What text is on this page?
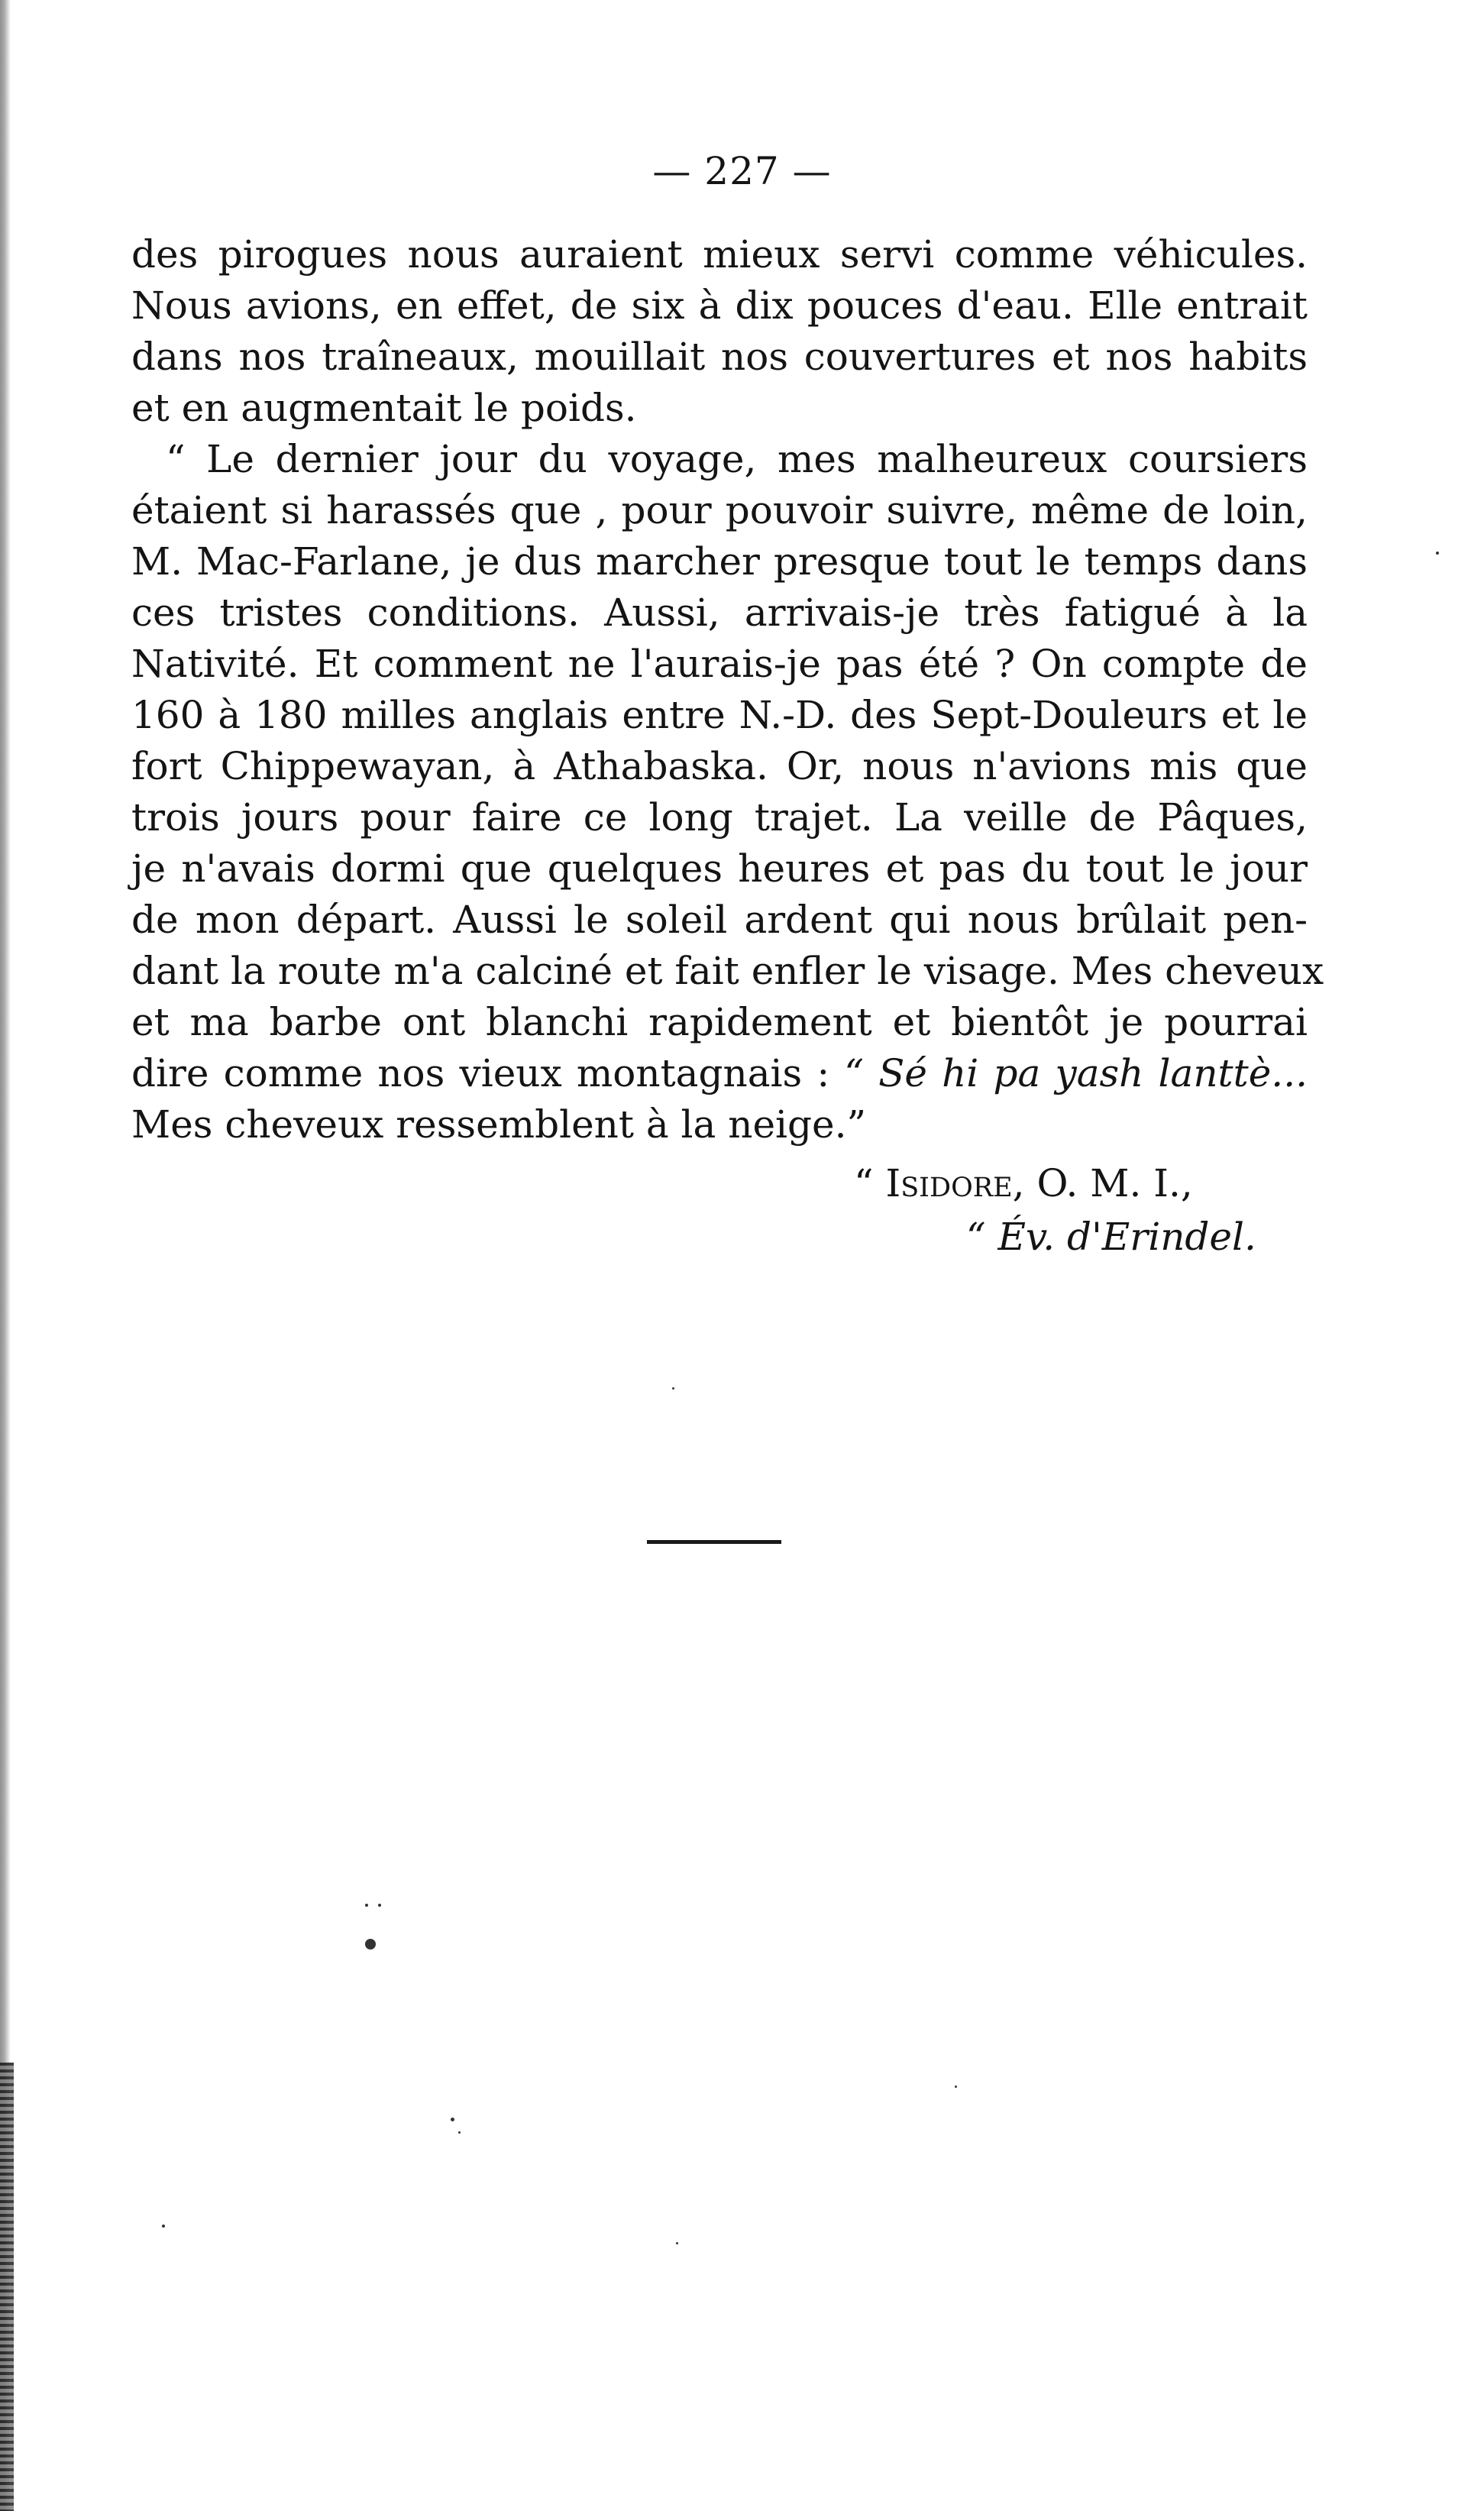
— 227 —
des pirogues nous auraient mieux servi comme véhicules.
Nous avions, en effet, de six à dix pouces d'eau. Elle entrait
dans nos traîneaux, mouillait nos couvertures et nos habits
et en augmentait le poids.
“ Le dernier jour du voyage, mes malheureux coursiers
étaient si harassés que , pour pouvoir suivre, même de loin,
M. Mac-Farlane, je dus marcher presque tout le temps dans
ces tristes conditions. Aussi, arrivais-je très fatigué à la
Nativité. Et comment ne l'aurais-je pas été ? On compte de
160 à 180 milles anglais entre N.-D. des Sept-Douleurs et le
fort Chippewayan, à Athabaska. Or, nous n'avions mis que
trois jours pour faire ce long trajet. La veille de Pâques,
je n'avais dormi que quelques heures et pas du tout le jour
de mon départ. Aussi le soleil ardent qui nous brûlait pen-
dant la route m'a calciné et fait enfler le visage. Mes cheveux
et ma barbe ont blanchi rapidement et bientôt je pourrai
dire comme nos vieux montagnais : “ Sé hi pa yash lanttè...
Mes cheveux ressemblent à la neige.”
“ Isidore, O. M. I.,
“ Év. d'Erindel.
